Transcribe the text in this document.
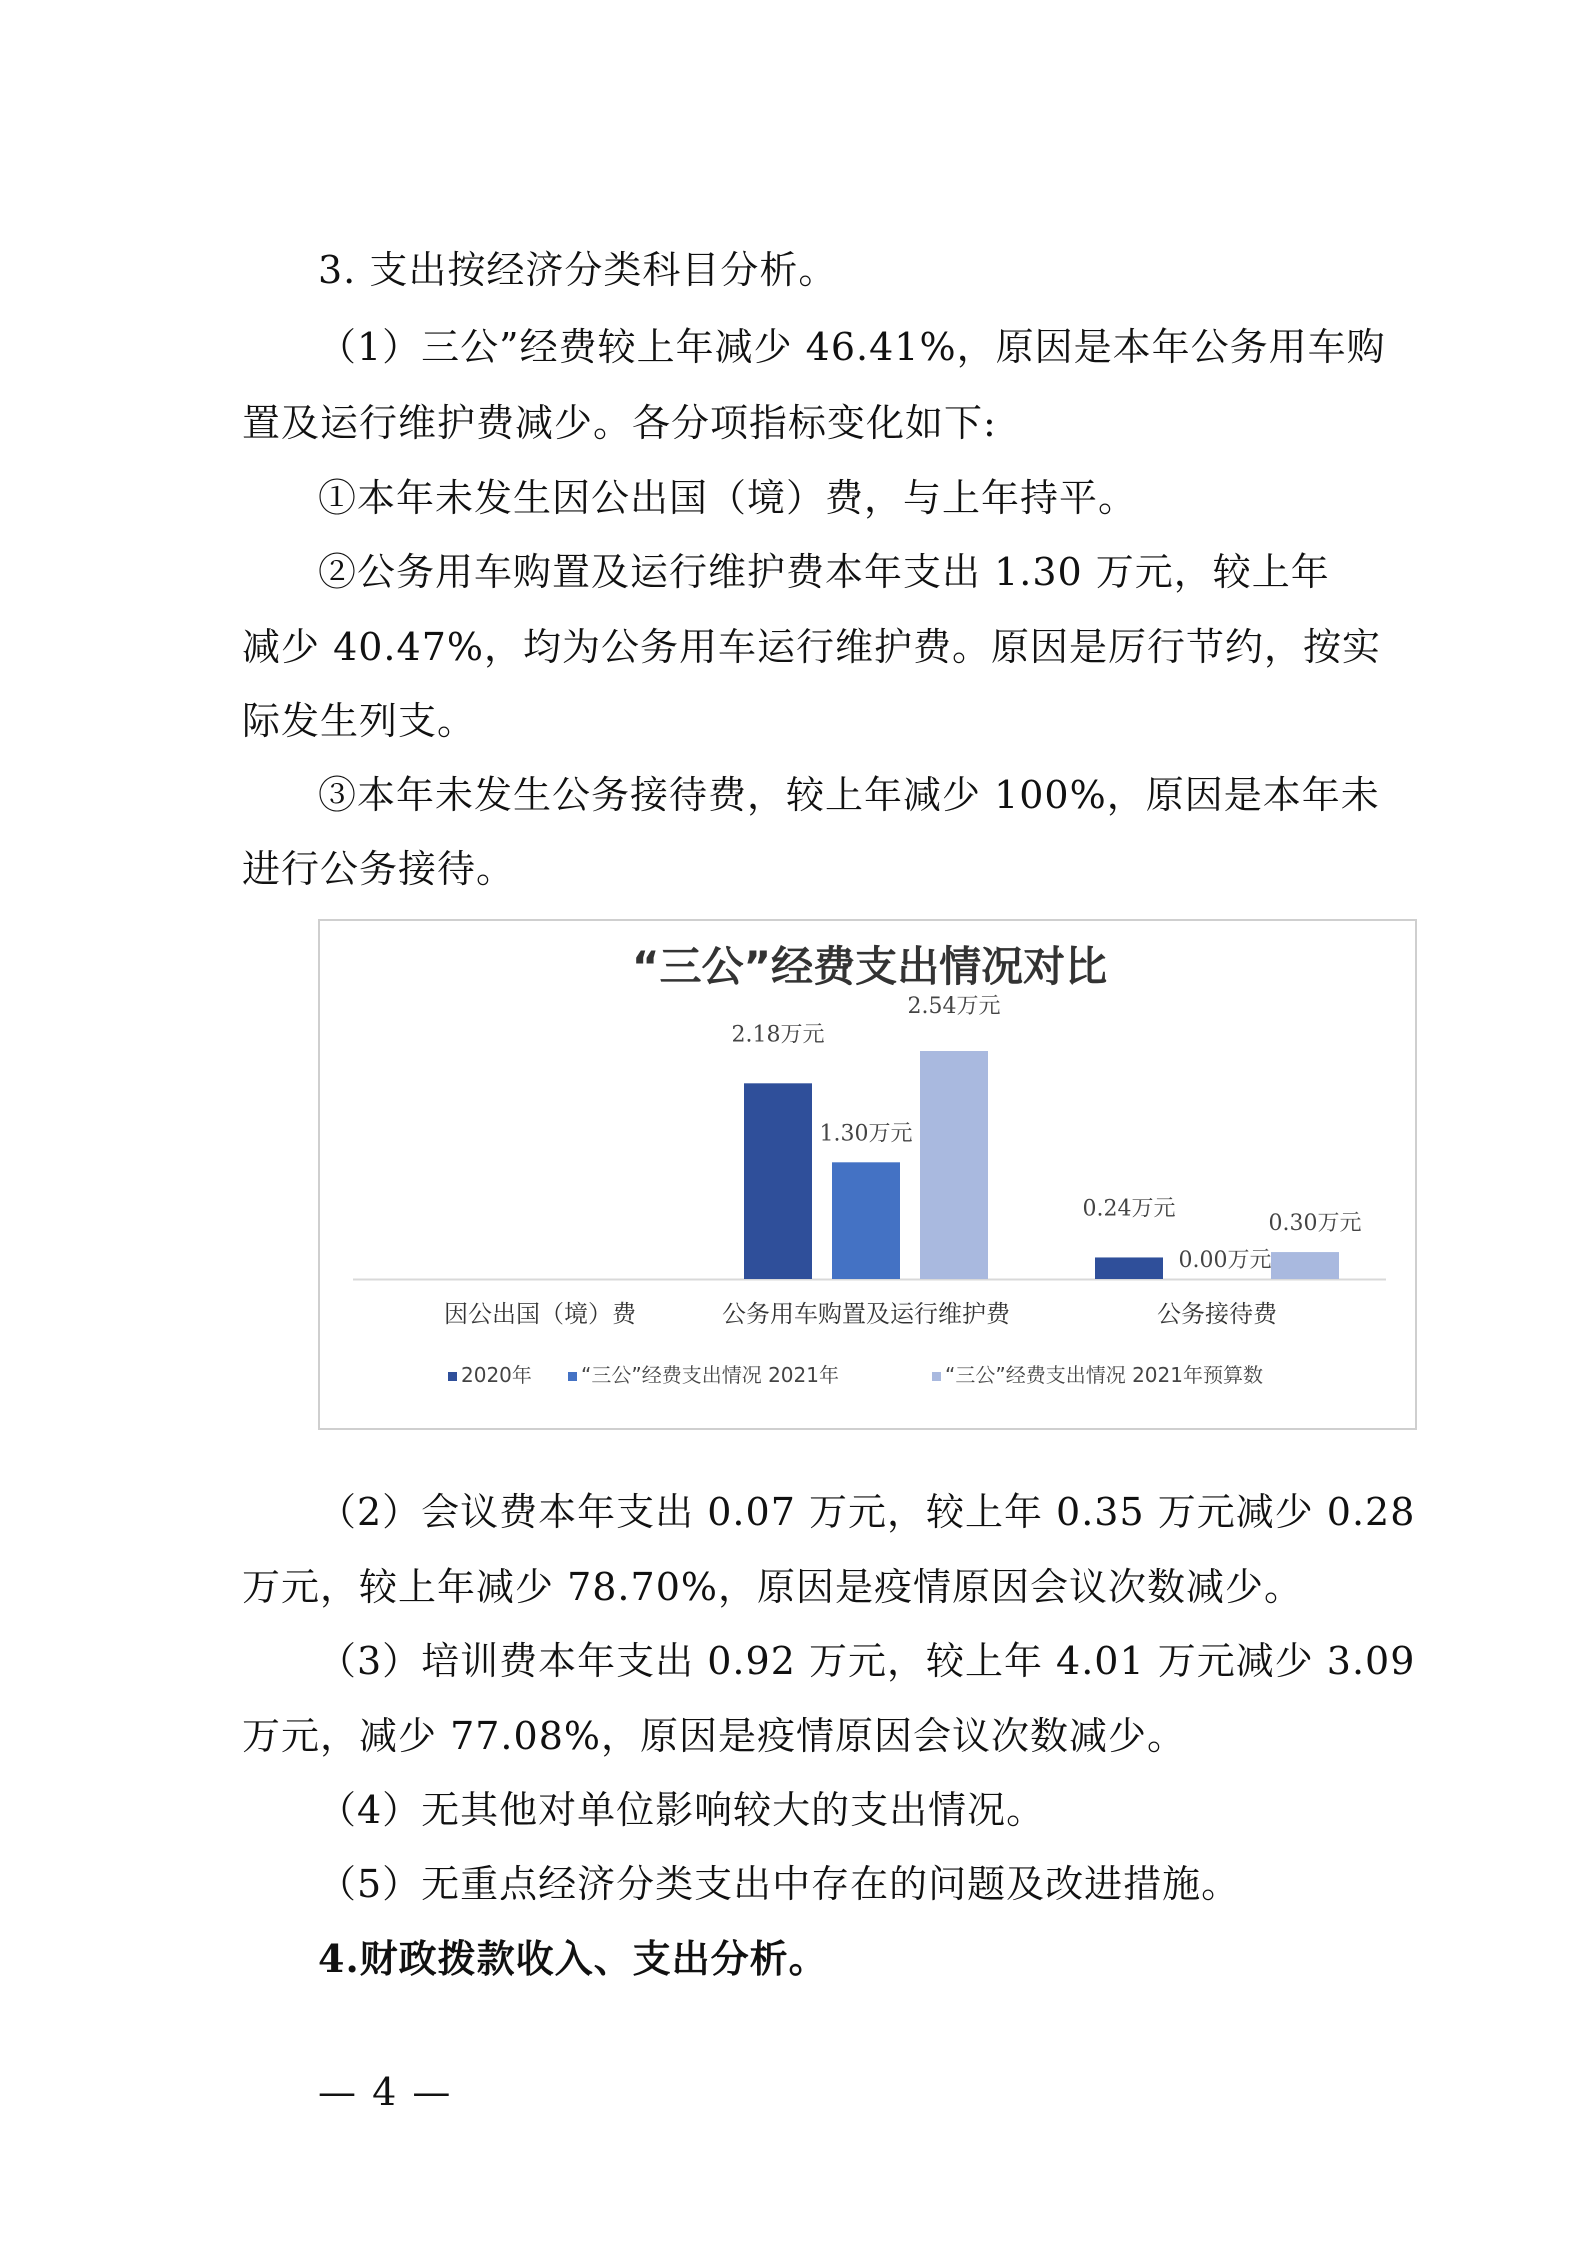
3. 支出按经济分类科目分析。

（1）三公”经费较上年减少 46.41%，原因是本年公务用车购

置及运行维护费减少。各分项指标变化如下:

①本年未发生因公出国（境）费，与上年持平。

②公务用车购置及运行维护费本年支出 1.30 万元，较上年

减少 40.47%，均为公务用车运行维护费。原因是厉行节约，按实

际发生列支。

③本年未发生公务接待费，较上年减少 100%，原因是本年未

进行公务接待。

“三公”经费支出情况对比
2.18万元
0.24万元
1.30万元
0.00万元
2.54万元
0.30万元
因公出国（境）费	公务用车购置及运行维护费	公务接待费
2020年 “三公”经费支出情况 2021年	“三公”经费支出情况 2021年预算数

（2）会议费本年支出 0.07 万元，较上年 0.35 万元减少 0.28

万元，较上年减少 78.70%，原因是疫情原因会议次数减少。

（3）培训费本年支出 0.92 万元，较上年 4.01 万元减少 3.09

万元，减少 77.08%，原因是疫情原因会议次数减少。

（4）无其他对单位影响较大的支出情况。

（5）无重点经济分类支出中存在的问题及改进措施。

4.财政拨款收入、支出分析。

— 4 —
